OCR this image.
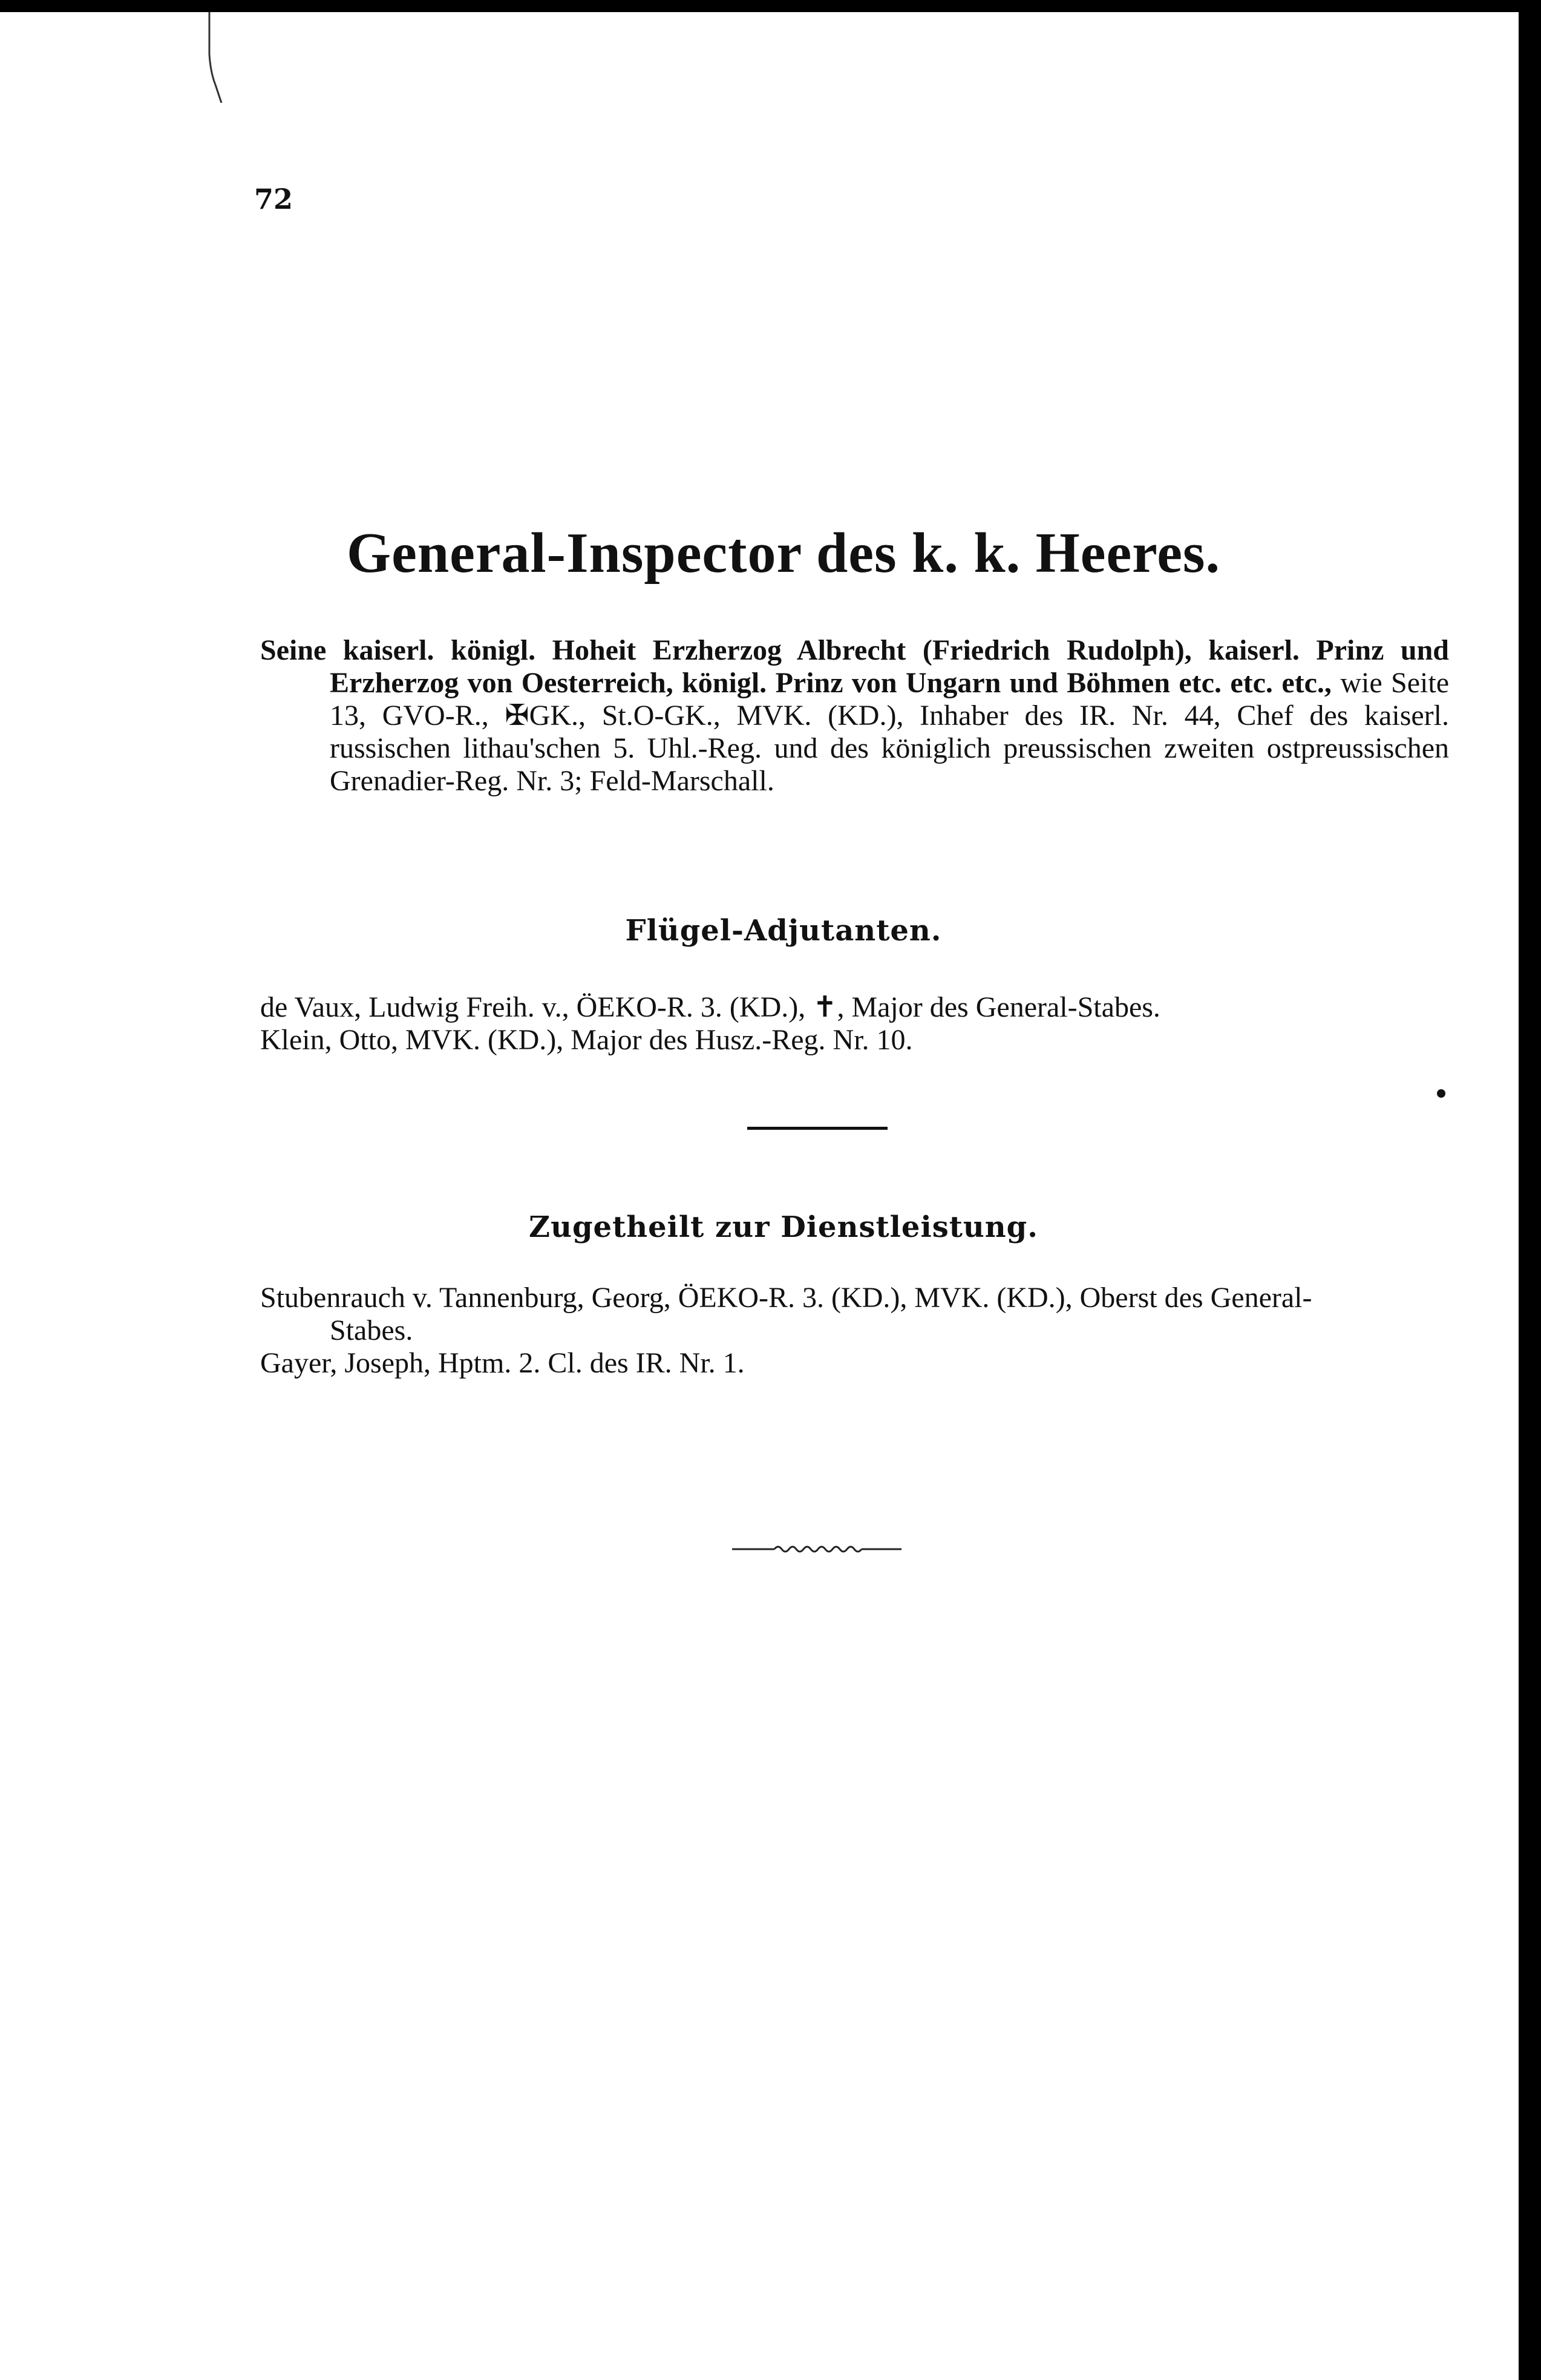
72
General-Inspector des k. k. Heeres.
Seine kaiserl. königl. Hoheit Erzherzog Albrecht (Friedrich Rudolph), kaiserl. Prinz und Erzherzog von Oesterreich, königl. Prinz von Ungarn und Böhmen etc. etc. etc., wie Seite 13, GVO-R., ✠GK., St.O-GK., MVK. (KD.), Inhaber des IR. Nr. 44, Chef des kaiserl. russischen lithau'schen 5. Uhl.-Reg. und des königlich preussischen zweiten ostpreussischen Grenadier-Reg. Nr. 3; Feld-Marschall.
Flügel-Adjutanten.
de Vaux, Ludwig Freih. v., ÖEKO-R. 3. (KD.), ✝, Major des General-Stabes.
Klein, Otto, MVK. (KD.), Major des Husz.-Reg. Nr. 10.
Zugetheilt zur Dienstleistung.
Stubenrauch v. Tannenburg, Georg, ÖEKO-R. 3. (KD.), MVK. (KD.), Oberst des General-Stabes.
Gayer, Joseph, Hptm. 2. Cl. des IR. Nr. 1.
